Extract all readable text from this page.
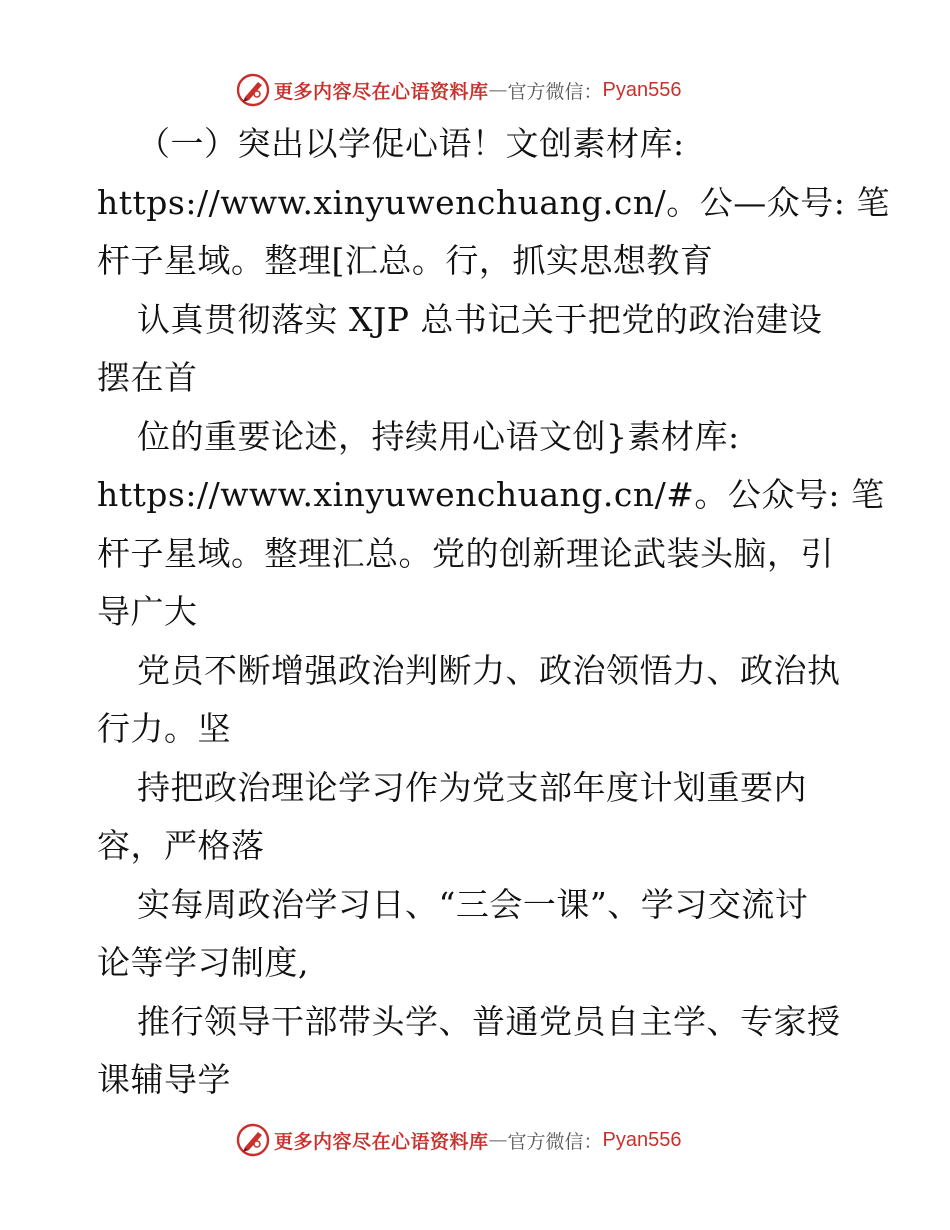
更多内容尽在心语资料库 — 官方微信： Pyan556
（一）突出以学促心语！文创素材库:
https://www.xinyuwenchuang.cn/。公—众号: 笔
杆子星域。整理[汇总。行，抓实思想教育
认真贯彻落实 XJP 总书记关于把党的政治建设
摆在首
位的重要论述，持续用心语文创}素材库:
https://www.xinyuwenchuang.cn/#。公众号: 笔
杆子星域。整理汇总。党的创新理论武装头脑，引
导广大
党员不断增强政治判断力、政治领悟力、政治执
行力。坚
持把政治理论学习作为党支部年度计划重要内
容，严格落
实每周政治学习日、“三会一课”、学习交流讨
论等学习制度,
推行领导干部带头学、普通党员自主学、专家授
课辅导学
更多内容尽在心语资料库 — 官方微信： Pyan556
